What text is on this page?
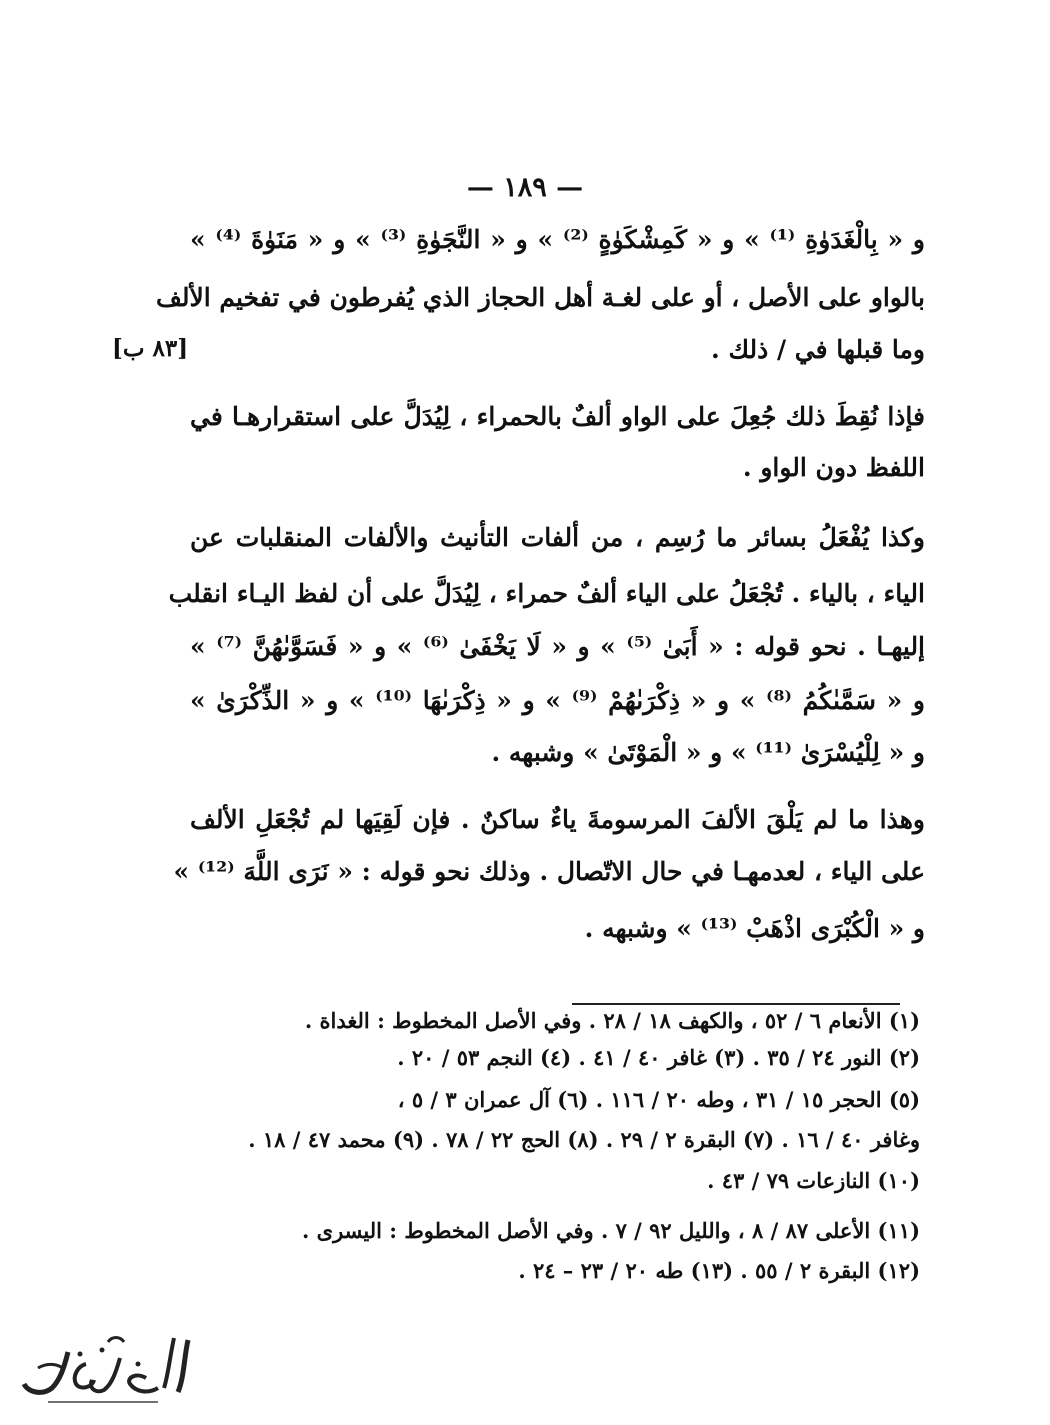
— ١٨٩ —
[٨٣ ب]
و « بِالْغَدَوٰةِ ⁽¹⁾ » و « كَمِشْكَوٰةٍ ⁽²⁾ » و « النَّجَوٰةِ ⁽³⁾ » و « مَنَوٰةَ ⁽⁴⁾ »
بالواو على الأصل ، أو على لغـة أهل الحجاز الذي يُفرطون في تفخيم الألف
وما قبلها في / ذلك .
فإذا نُقِطَ ذلك جُعِلَ على الواو ألفٌ بالحمراء ، لِيُدَلَّ على استقرارهـا في
اللفظ دون الواو .
وكذا يُفْعَلُ بسائر ما رُسِم ، من ألفات التأنيث والألفات المنقلبات عن
الياء ، بالياء . تُجْعَلُ على الياء ألفٌ حمراء ، لِيُدَلَّ على أن لفظ اليـاء انقلب
إليهـا . نحو قوله : « أَبَىٰ ⁽⁵⁾ » و « لَا يَخْفَىٰ ⁽⁶⁾ » و « فَسَوَّىٰهُنَّ ⁽⁷⁾ »
و « سَمَّىٰكُمُ ⁽⁸⁾ » و « ذِكْرَىٰهُمْ ⁽⁹⁾ » و « ذِكْرَىٰهَا ⁽¹⁰⁾ » و « الذِّكْرَىٰ »
و « لِلْيُسْرَىٰ ⁽¹¹⁾ » و « الْمَوْتَىٰ » وشبهه .
وهذا ما لم يَلْقَ الألفَ المرسومةَ ياءٌ ساكنٌ . فإن لَقِيَها لم تُجْعَلِ الألف
على الياء ، لعدمهـا في حال الاتّصال . وذلك نحو قوله : « نَرَى اللَّهَ ⁽¹²⁾ »
و « الْكُبْرَى اذْهَبْ ⁽¹³⁾ » وشبهه .
(١) الأنعام ٦ / ٥٢ ، والكهف ١٨ / ٢٨ . وفي الأصل المخطوط : الغداة .
(٢) النور ٢٤ / ٣٥ . (٣) غافر ٤٠ / ٤١ . (٤) النجم ٥٣ / ٢٠ .
(٥) الحجر ١٥ / ٣١ ، وطه ٢٠ / ١١٦ . (٦) آل عمران ٣ / ٥ ،
وغافر ٤٠ / ١٦ . (٧) البقرة ٢ / ٢٩ . (٨) الحج ٢٢ / ٧٨ . (٩) محمد ٤٧ / ١٨ .
(١٠) النازعات ٧٩ / ٤٣ .
(١١) الأعلى ٨٧ / ٨ ، والليل ٩٢ / ٧ . وفي الأصل المخطوط : اليسرى .
(١٢) البقرة ٢ / ٥٥ . (١٣) طه ٢٠ / ٢٣ – ٢٤ .
